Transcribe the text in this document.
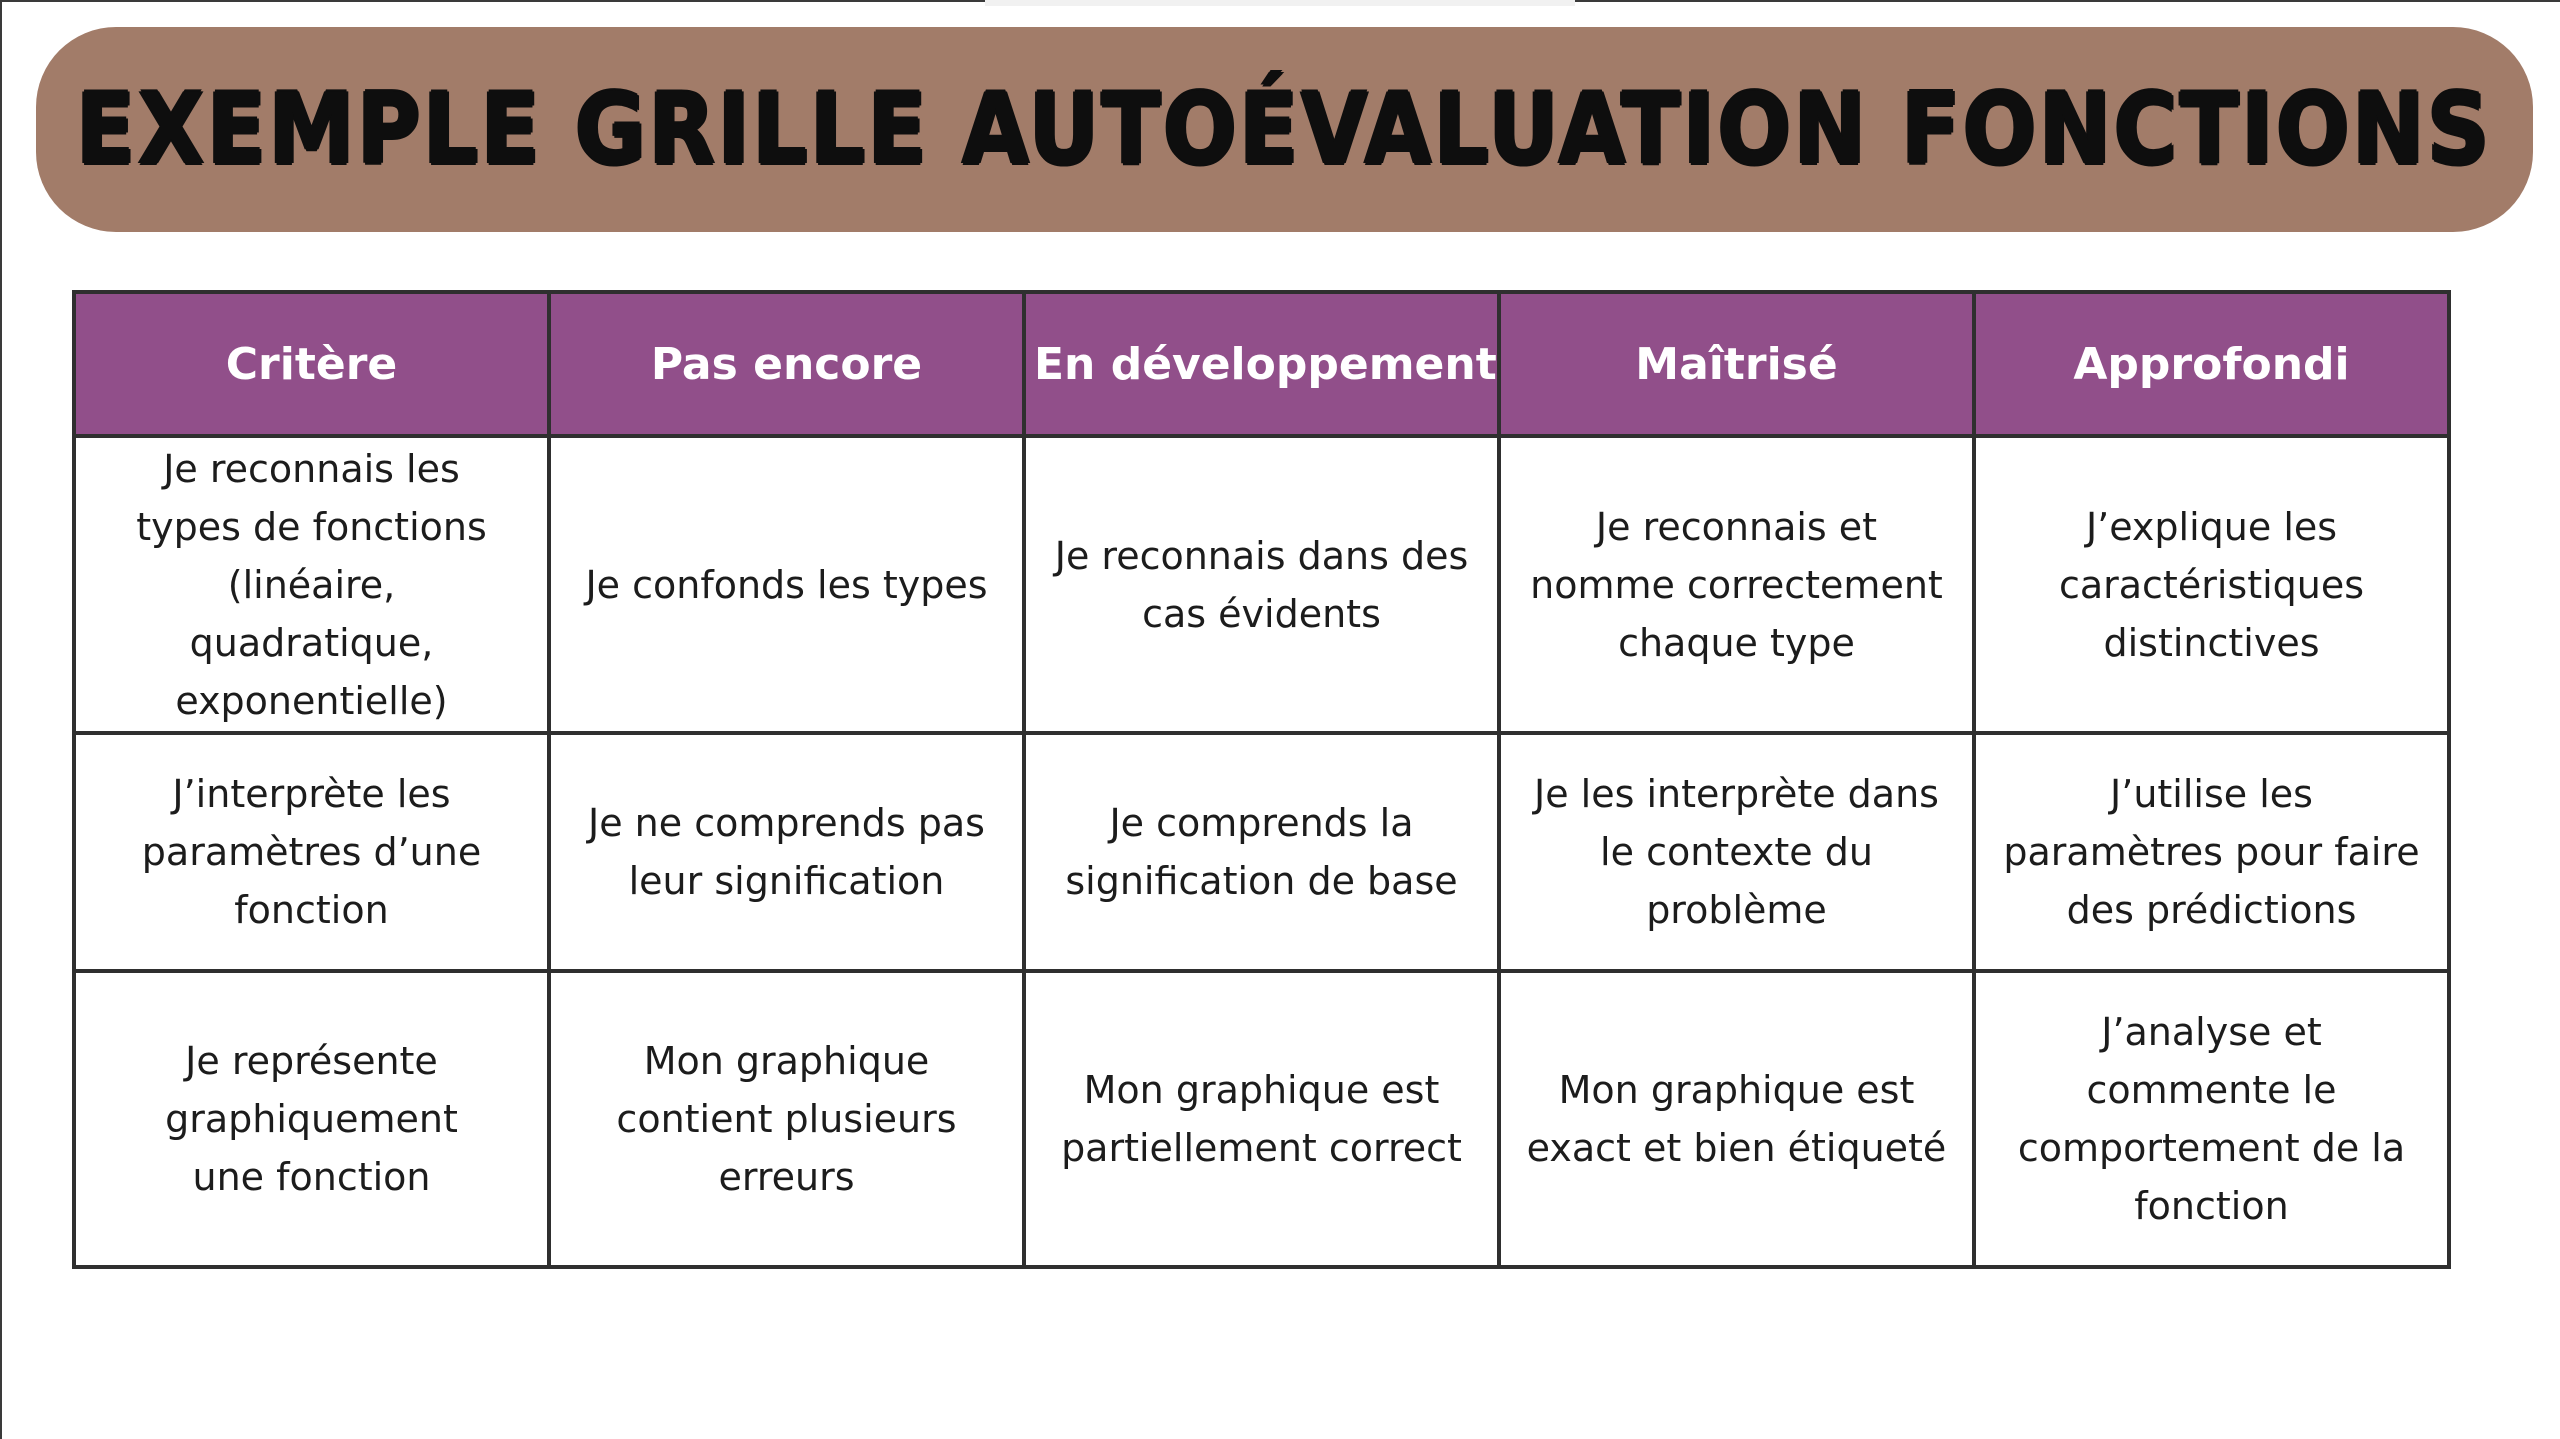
EXEMPLE GRILLE AUTOÉVALUATION FONCTIONS
Critère	Pas encore	En développement	Maîtrisé	Approfondi
Je reconnais les types de fonctions (linéaire, quadratique, exponentielle)	Je confonds les types	Je reconnais dans des cas évidents	Je reconnais et nomme correctement chaque type	J’explique les caractéristiques distinctives
J’interprète les paramètres d’une fonction	Je ne comprends pas leur signification	Je comprends la signification de base	Je les interprète dans le contexte du problème	J’utilise les paramètres pour faire des prédictions
Je représente graphiquement une fonction	Mon graphique contient plusieurs erreurs	Mon graphique est partiellement correct	Mon graphique est exact et bien étiqueté	J’analyse et commente le comportement de la fonction
